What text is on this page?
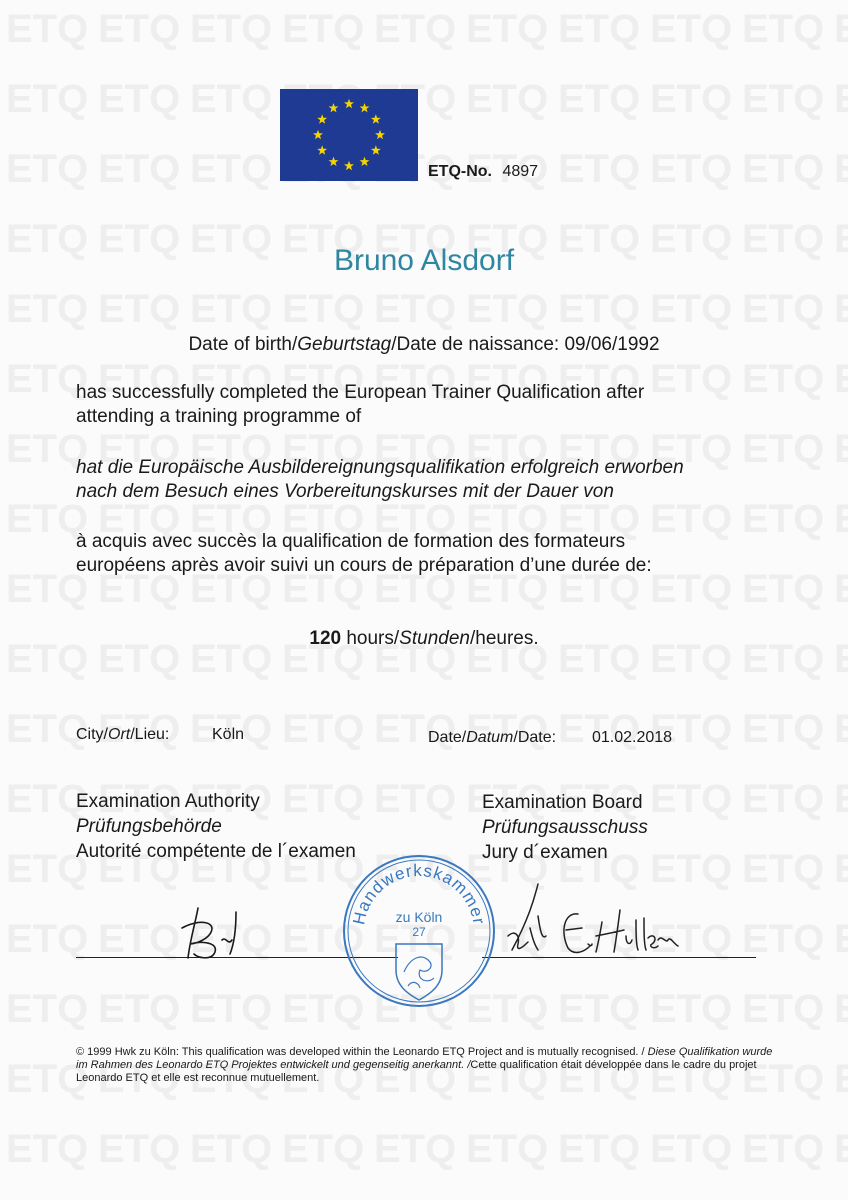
ETQ-No. 4897
Bruno Alsdorf
Date of birth/Geburtstag/Date de naissance: 09/06/1992
has successfully completed the European Trainer Qualification after
attending a training programme of
hat die Europäische Ausbildereignungsqualifikation erfolgreich erworben
nach dem Besuch eines Vorbereitungskurses mit der Dauer von
à acquis avec succès la qualification de formation des formateurs
européens après avoir suivi un cours de préparation d’une durée de:
120 hours/Stunden/heures.
City/Ort/Lieu:	Köln	Date/Datum/Date: 01.02.2018
Examination Authority
Prüfungsbehörde
Autorité compétente de l´examen
Examination Board
Prüfungsausschuss
Jury d´examen
Handwerkskammer
zu Köln
27
© 1999 Hwk zu Köln: This qualification was developed within the Leonardo ETQ Project and is mutually recognised. / Diese Qualifikation wurde im Rahmen des Leonardo ETQ Projektes entwickelt und gegenseitig anerkannt. /Cette qualification était développée dans le cadre du projet Leonardo ETQ et elle est reconnue mutuellement.
